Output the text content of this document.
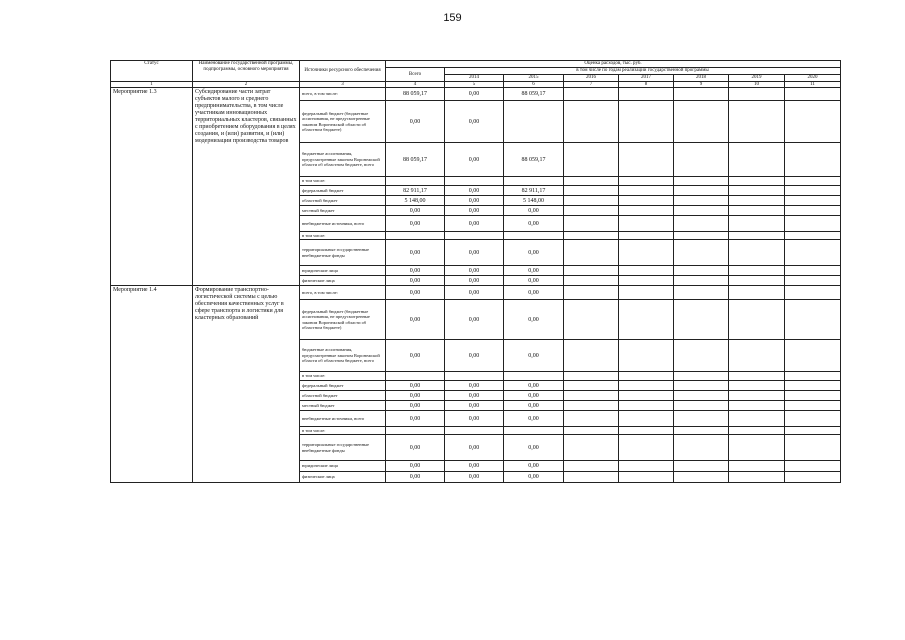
159
Статус	Наименование государственной программы, подпрограммы, основного мероприятия	Источники ресурсного обеспечения	Оценка расходов, тыс. руб.							
			Всего	в том числе по годам реализации государственной программы						
				2014	2015	2016	2017	2018	2019	2020
1	2	3	4	5	6	7	8	9	10	11
Мероприятие 1.3	Субсидирование части затрат субъектов малого и среднего предпринимательства, в том числе участникам инновационных территориальных кластеров, связанных с приобретением оборудования в целях создания, и (или) развития, и (или) модернизации производства товаров	всего, в том числе:	88 059,17	0,00	88 059,17					
		федеральный бюджет (бюджетные ассигнования, не предусмотренные законом Воронежской области об областном бюджете)	0,00	0,00						
		бюджетные ассигнования, предусмотренные законом Воронежской области об областном бюджете, всего	88 059,17	0,00	88 059,17					
		в том числе:								
		федеральный бюджет	82 911,17	0,00	82 911,17					
		областной бюджет	5 148,00	0,00	5 148,00					
		местный бюджет	0,00	0,00	0,00					
		внебюджетные источники, всего	0,00	0,00	0,00					
		в том числе:								
		территориальные государственные внебюджетные фонды	0,00	0,00	0,00					
		юридические лица	0,00	0,00	0,00					
		физические лица	0,00	0,00	0,00					
Мероприятие 1.4	Формирование транспортно-логистической системы с целью обеспечения качественных услуг в сфере транспорта и логистики для кластерных образований	всего, в том числе:	0,00	0,00	0,00					
		федеральный бюджет (бюджетные ассигнования, не предусмотренные законом Воронежской области об областном бюджете)	0,00	0,00	0,00					
		бюджетные ассигнования, предусмотренные законом Воронежской области об областном бюджете, всего	0,00	0,00	0,00					
		в том числе:								
		федеральный бюджет	0,00	0,00	0,00					
		областной бюджет	0,00	0,00	0,00					
		местный бюджет	0,00	0,00	0,00					
		внебюджетные источники, всего	0,00	0,00	0,00					
		в том числе:								
		территориальные государственные внебюджетные фонды	0,00	0,00	0,00					
		юридические лица	0,00	0,00	0,00					
		физические лица	0,00	0,00	0,00					
